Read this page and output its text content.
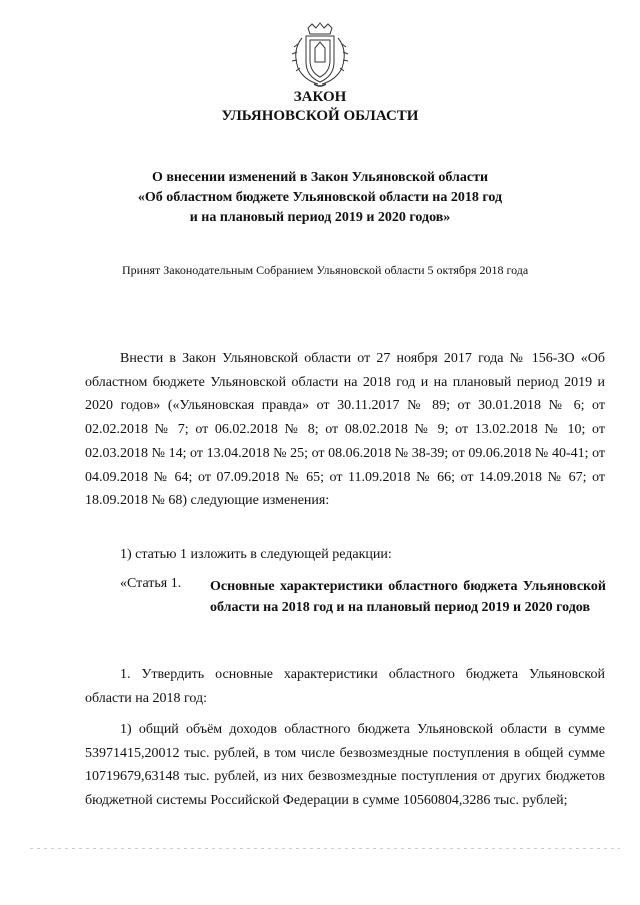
ЗАКОН
УЛЬЯНОВСКОЙ ОБЛАСТИ
О внесении изменений в Закон Ульяновской области
«Об областном бюджете Ульяновской области на 2018 год
и на плановый период 2019 и 2020 годов»
Принят Законодательным Собранием Ульяновской области 5 октября 2018 года

Внести в Закон Ульяновской области от 27 ноября 2017 года № 156-ЗО «Об областном бюджете Ульяновской области на 2018 год и на плановый период 2019 и 2020 годов» («Ульяновская правда» от 30.11.2017 № 89; от 30.01.2018 № 6; от 02.02.2018 № 7; от 06.02.2018 № 8; от 08.02.2018 № 9; от 13.02.2018 № 10; от 02.03.2018 № 14; от 13.04.2018 № 25; от 08.06.2018 № 38-39; от 09.06.2018 № 40-41; от 04.09.2018 № 64; от 07.09.2018 № 65; от 11.09.2018 № 66; от 14.09.2018 № 67; от 18.09.2018 № 68) следующие изменения:

1) статью 1 изложить в следующей редакции:
«Статья 1. Основные характеристики областного бюджета Ульяновской области на 2018 год и на плановый период 2019 и 2020 годов

1. Утвердить основные характеристики областного бюджета Ульяновской области на 2018 год:

1) общий объём доходов областного бюджета Ульяновской области в сумме 53971415,20012 тыс. рублей, в том числе безвозмездные поступления в общей сумме 10719679,63148 тыс. рублей, из них безвозмездные поступления от других бюджетов бюджетной системы Российской Федерации в сумме 10560804,3286 тыс. рублей;
